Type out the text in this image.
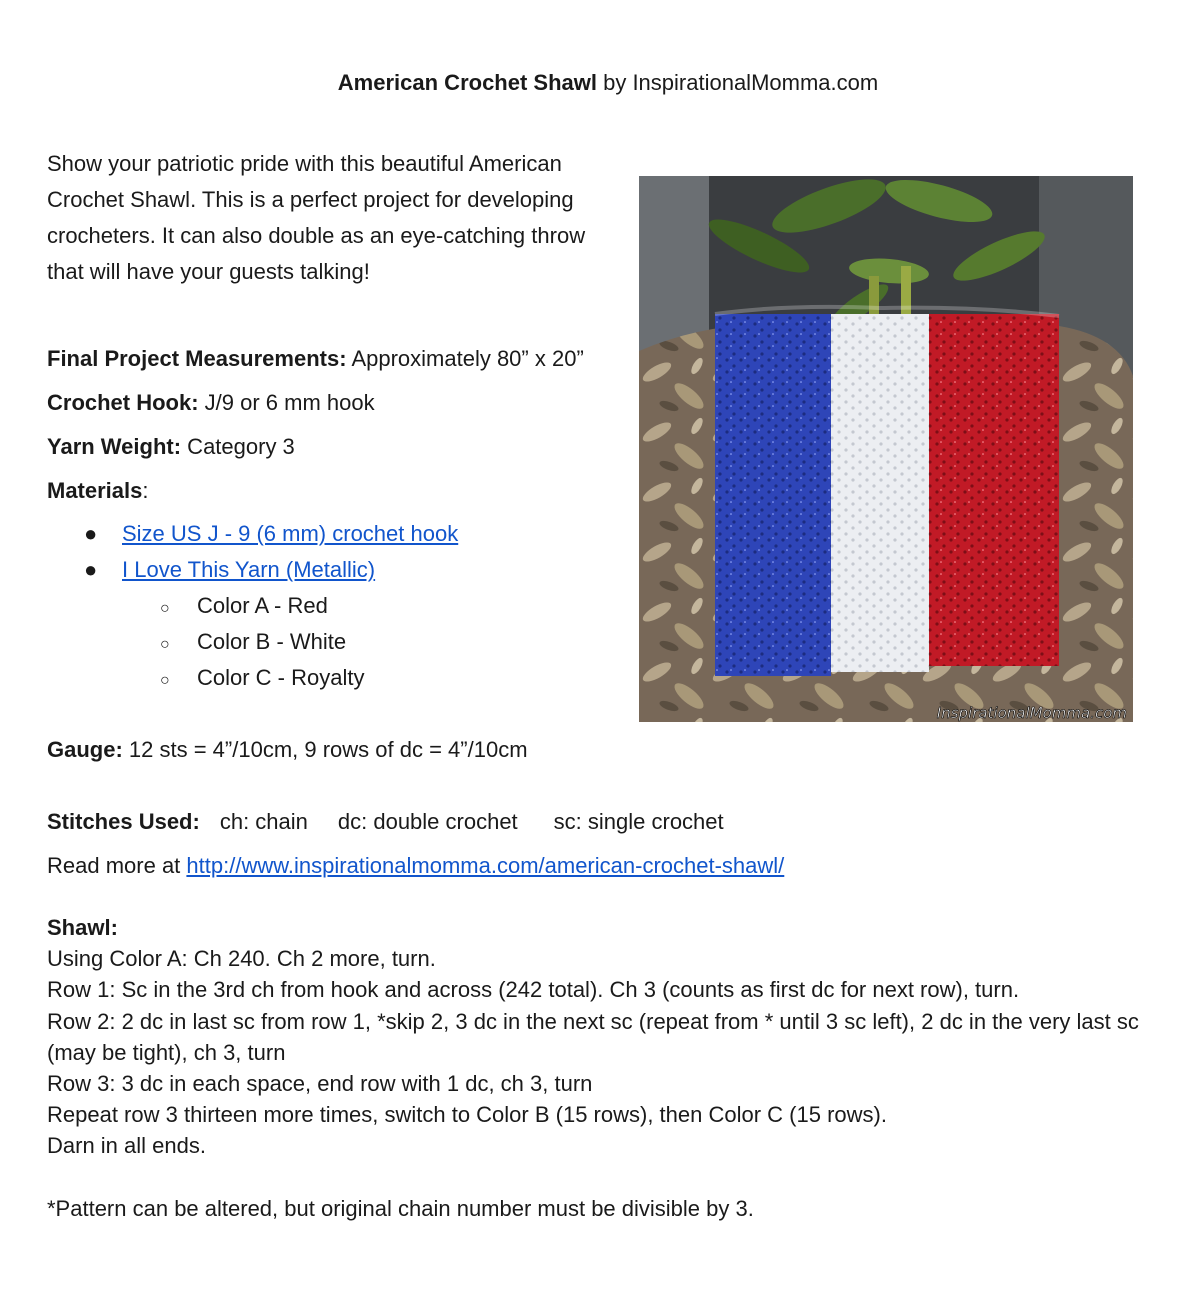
American Crochet Shawl by InspirationalMomma.com
Show your patriotic pride with this beautiful American Crochet Shawl. This is a perfect project for developing crocheters. It can also double as an eye-catching throw that will have your guests talking!
Final Project Measurements: Approximately 80” x 20”
Crochet Hook: J/9 or 6 mm hook
Yarn Weight: Category 3
Materials:
● Size US J - 9 (6 mm) crochet hook
● I Love This Yarn (Metallic)
○ Color A - Red
○ Color B - White
○ Color C - Royalty
Gauge: 12 sts = 4”/10cm, 9 rows of dc = 4”/10cm
Stitches Used: ch: chain dc: double crochet sc: single crochet
Read more at http://www.inspirationalmomma.com/american-crochet-shawl/
Shawl:
Using Color A: Ch 240. Ch 2 more, turn.
Row 1: Sc in the 3rd ch from hook and across (242 total). Ch 3 (counts as first dc for next row), turn.
Row 2: 2 dc in last sc from row 1, *skip 2, 3 dc in the next sc (repeat from * until 3 sc left), 2 dc in the very last sc (may be tight), ch 3, turn
Row 3: 3 dc in each space, end row with 1 dc, ch 3, turn
Repeat row 3 thirteen more times, switch to Color B (15 rows), then Color C (15 rows).
Darn in all ends.
*Pattern can be altered, but original chain number must be divisible by 3.
InspirationalMomma.com
